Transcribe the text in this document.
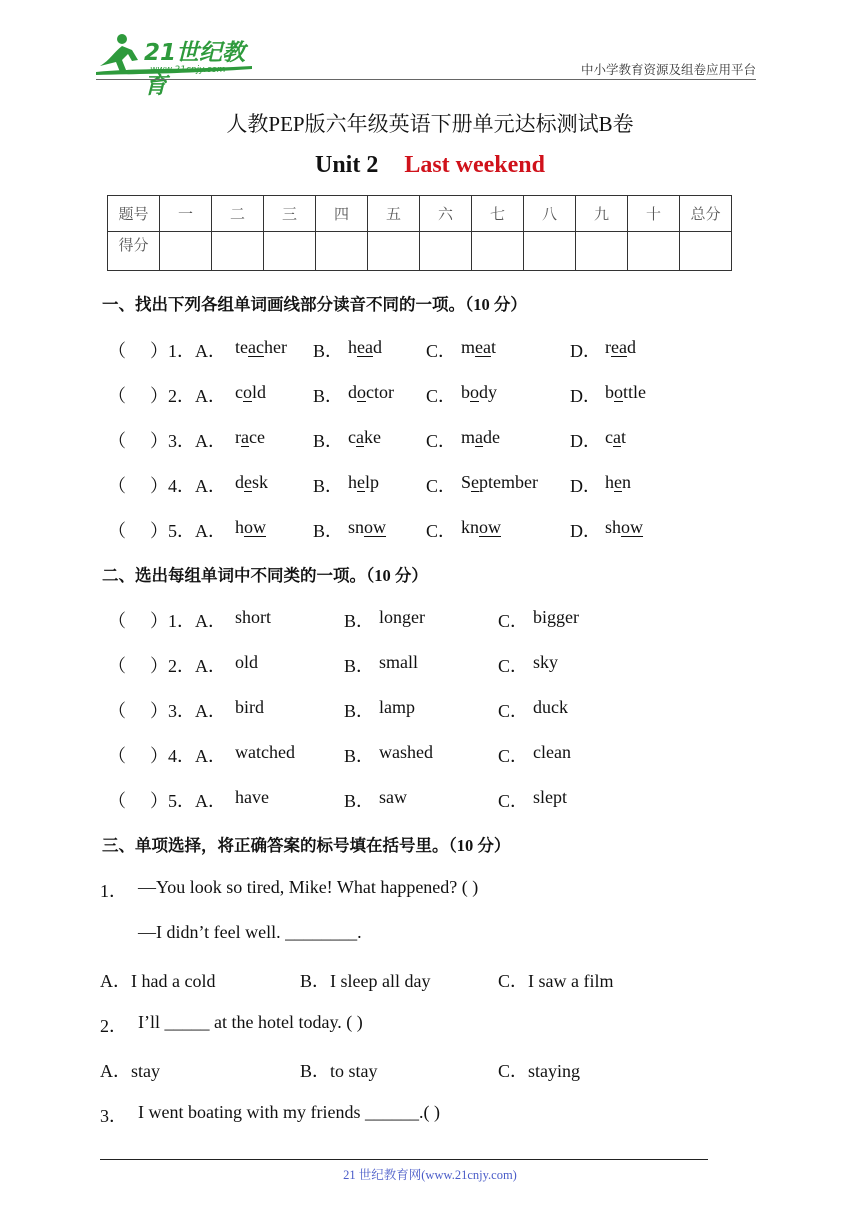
21世纪教育
www.21cnjy.com	中小学教育资源及组卷应用平台
人教PEP版六年级英语下册单元达标测试B卷
Unit 2 Last weekend
题号	一	二	三	四	五	六	七	八	九	十	总分
得分											
一、找出下列各组单词画线部分读音不同的一项。（10 分）
（ ）1．A． teacher B． head C． meat	D． read
（ ）2．A． cold	B． doctor C． body	D． bottle
（ ）3．A． race	B． cake	C． made	D． cat
（ ）4．A． desk B． help	C． September D． hen
（ ）5．A． how	B． snow C． know	D． show
二、选出每组单词中不同类的一项。（10 分）
（ ）1．A． short	B． longer	C． bigger
（ ）2．A． old	B． small	C． sky
（ ）3．A． bird	B． lamp	C． duck
（ ）4．A． watched	B． washed	C． clean
（ ）5．A． have	B． saw	C． slept
三、单项选择，将正确答案的标号填在括号里。（10 分）
1． —You look so tired, Mike! What happened? ( )
—I didn’t feel well. ________.
A．I had a cold	B．I sleep all day	C．I saw a film
2． I’ll _____ at the hotel today. ( )
A．stay	B．to stay	C．staying
3． I went boating with my friends ______.( )
21 世纪教育网(www.21cnjy.com)
